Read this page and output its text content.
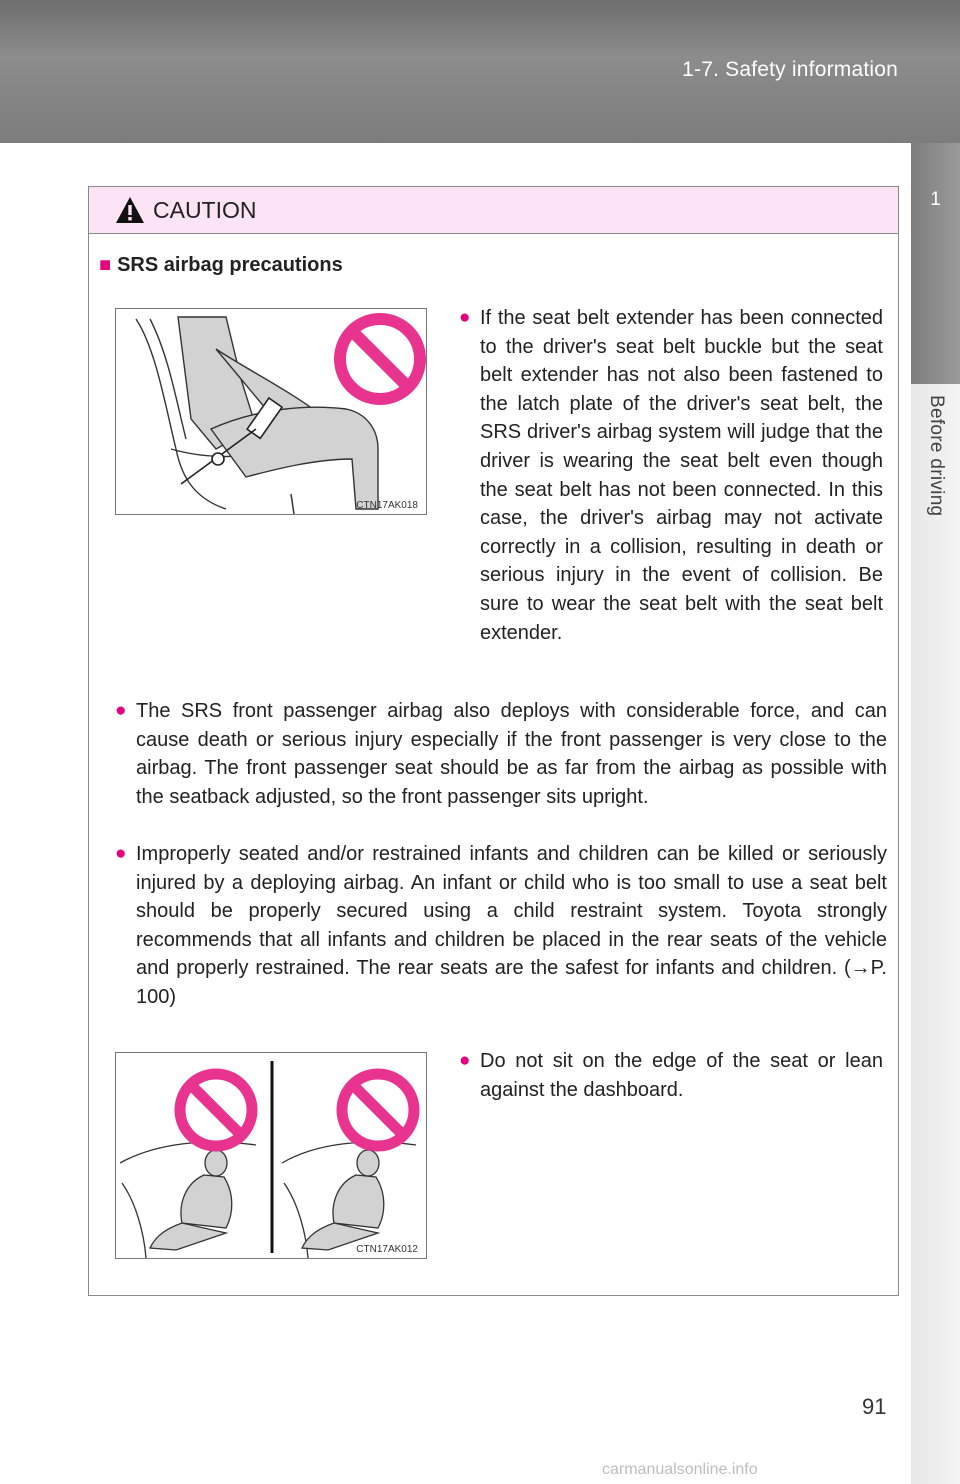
1-7. Safety information
1
Before driving
CAUTION
■ SRS airbag precautions
CTN17AK018
● If the seat belt extender has been connected to the driver's seat belt buckle but the seat belt extender has not also been fastened to the latch plate of the driver's seat belt, the SRS driver's airbag system will judge that the driver is wearing the seat belt even though the seat belt has not been connected. In this case, the driver's airbag may not activate correctly in a collision, resulting in death or serious injury in the event of collision. Be sure to wear the seat belt with the seat belt extender.
● The SRS front passenger airbag also deploys with considerable force, and can cause death or serious injury especially if the front passenger is very close to the airbag. The front passenger seat should be as far from the airbag as possible with the seatback adjusted, so the front passenger sits upright.
● Improperly seated and/or restrained infants and children can be killed or seriously injured by a deploying airbag. An infant or child who is too small to use a seat belt should be properly secured using a child restraint system. Toyota strongly recommends that all infants and children be placed in the rear seats of the vehicle and properly restrained. The rear seats are the safest for infants and children. (→P. 100)
CTN17AK012
● Do not sit on the edge of the seat or lean against the dashboard.
91
carmanualsonline.info
